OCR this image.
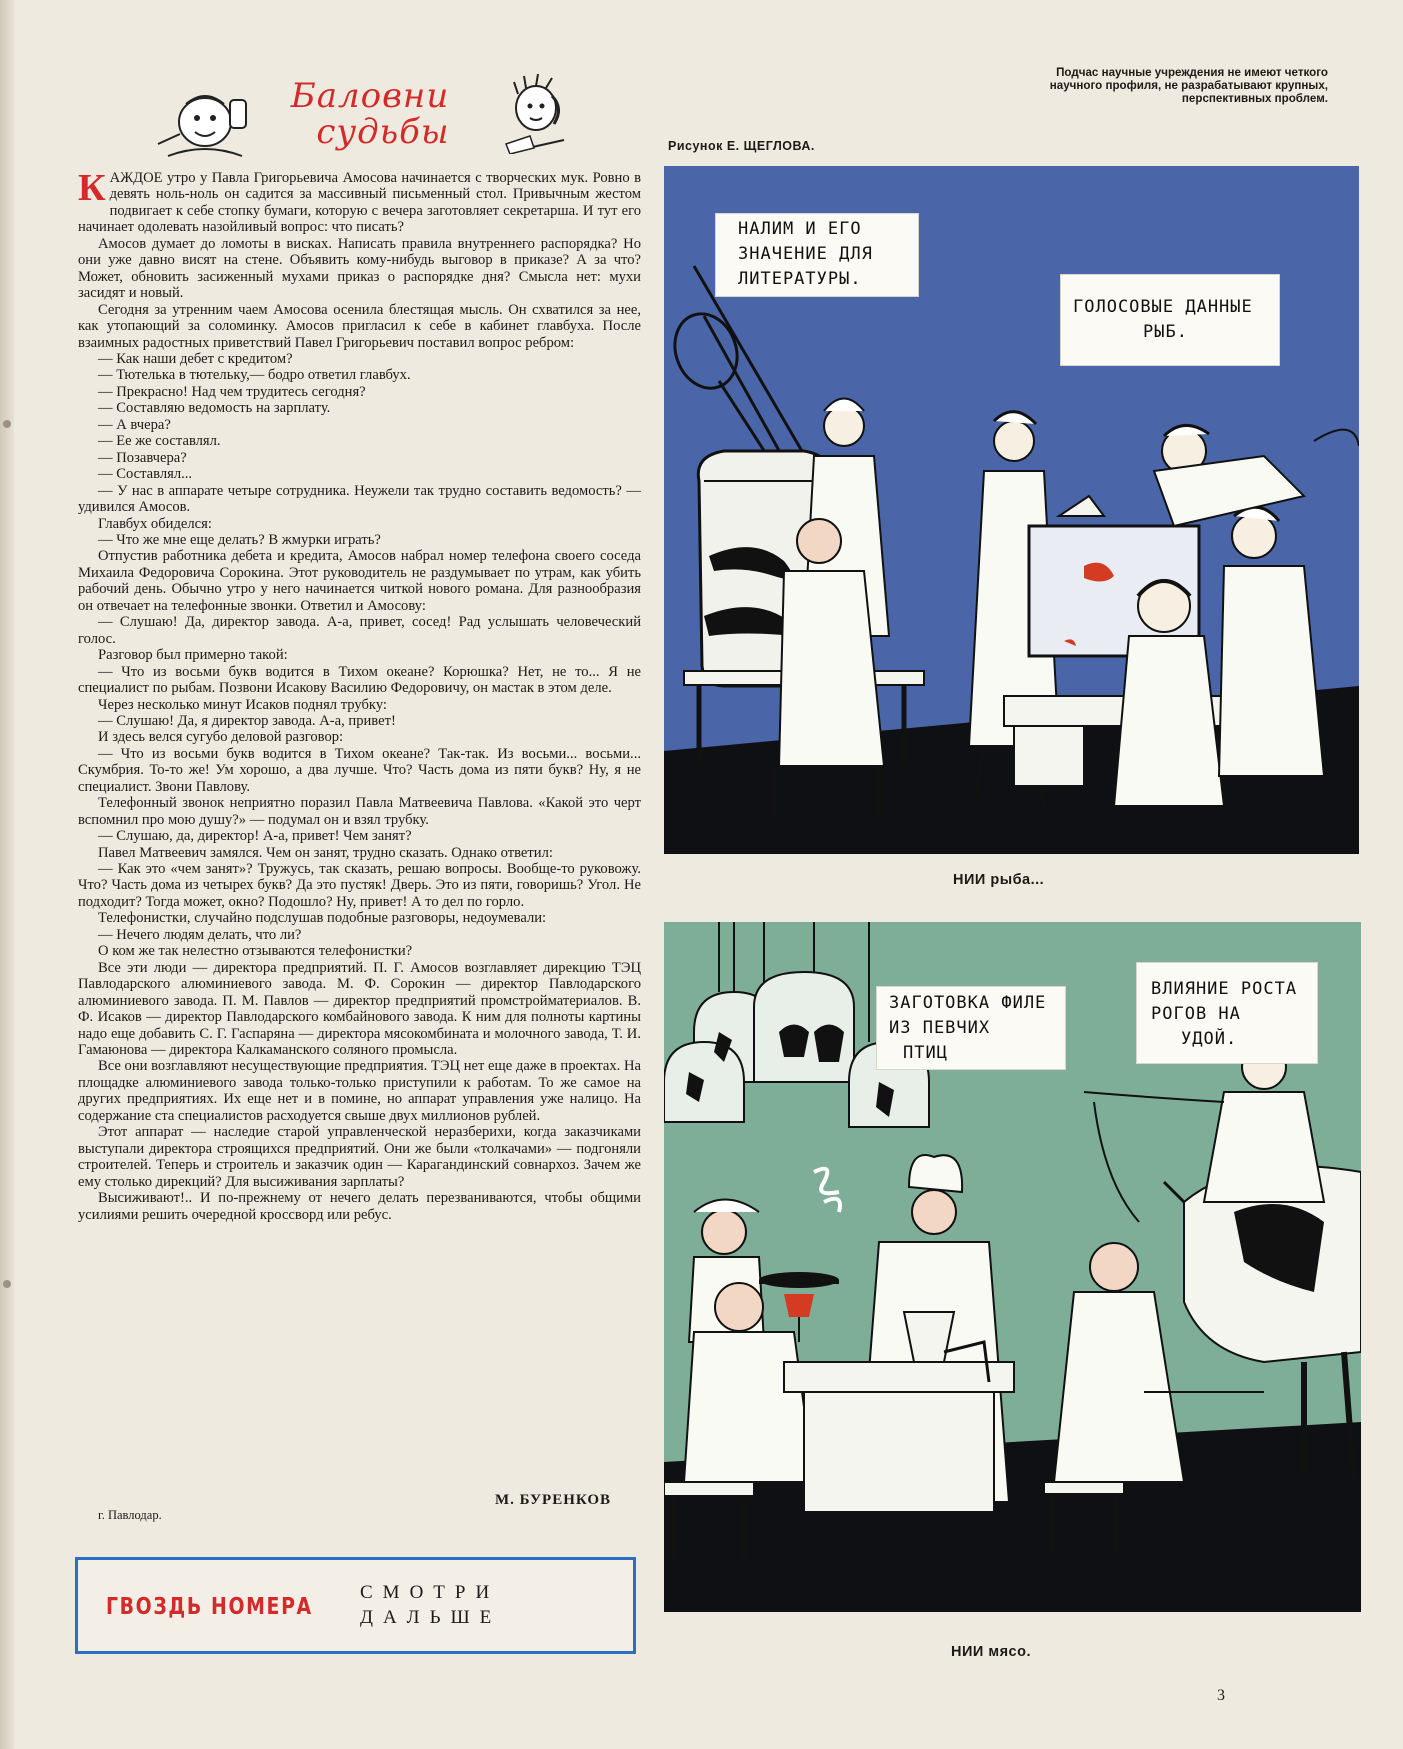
Баловни
судьбы
К АЖДОЕ утро у Павла Григорьевича Амосова начинается с творческих мук. Ровно в девять ноль-ноль он садится за массивный письменный стол. Привычным жестом подвигает к себе стопку бумаги, которую с вечера заготовляет секретарша. И тут его начинает одолевать назойливый вопрос: что писать?

Амосов думает до ломоты в висках. Написать правила внутреннего распорядка? Но они уже давно висят на стене. Объявить кому-нибудь выговор в приказе? А за что? Может, обновить засиженный мухами приказ о распорядке дня? Смысла нет: мухи засидят и новый.

Сегодня за утренним чаем Амосова осенила блестящая мысль. Он схватился за нее, как утопающий за соломинку. Амосов пригласил к себе в кабинет главбуха. После взаимных радостных приветствий Павел Григорьевич поставил вопрос ребром:

— Как наши дебет с кредитом?

— Тютелька в тютельку,— бодро ответил главбух.

— Прекрасно! Над чем трудитесь сегодня?

— Составляю ведомость на зарплату.

— А вчера?

— Ее же составлял.

— Позавчера?

— Составлял...

— У нас в аппарате четыре сотрудника. Неужели так трудно составить ведомость? — удивился Амосов.

Главбух обиделся:

— Что же мне еще делать? В жмурки играть?

Отпустив работника дебета и кредита, Амосов набрал номер телефона своего соседа Михаила Федоровича Сорокина. Этот руководитель не раздумывает по утрам, как убить рабочий день. Обычно утро у него начинается читкой нового романа. Для разнообразия он отвечает на телефонные звонки. Ответил и Амосову:

— Слушаю! Да, директор завода. А-а, привет, сосед! Рад услышать человеческий голос.

Разговор был примерно такой:

— Что из восьми букв водится в Тихом океане? Корюшка? Нет, не то... Я не специалист по рыбам. Позвони Исакову Василию Федоровичу, он мастак в этом деле.

Через несколько минут Исаков поднял трубку:

— Слушаю! Да, я директор завода. А-а, привет!

И здесь велся сугубо деловой разговор:

— Что из восьми букв водится в Тихом океане? Так-так. Из восьми... восьми... Скумбрия. То-то же! Ум хорошо, а два лучше. Что? Часть дома из пяти букв? Ну, я не специалист. Звони Павлову.

Телефонный звонок неприятно поразил Павла Матвеевича Павлова. «Какой это черт вспомнил про мою душу?» — подумал он и взял трубку.

— Слушаю, да, директор! А-а, привет! Чем занят?

Павел Матвеевич замялся. Чем он занят, трудно сказать. Однако ответил:

— Как это «чем занят»? Тружусь, так сказать, решаю вопросы. Вообще-то руковожу. Что? Часть дома из четырех букв? Да это пустяк! Дверь. Это из пяти, говоришь? Угол. Не подходит? Тогда может, окно? Подошло? Ну, привет! А то дел по горло.

Телефонистки, случайно подслушав подобные разговоры, недоумевали:

— Нечего людям делать, что ли?

О ком же так нелестно отзываются телефонистки?

Все эти люди — директора предприятий. П. Г. Амосов возглавляет дирекцию ТЭЦ Павлодарского алюминиевого завода. М. Ф. Сорокин — директор Павлодарского алюминиевого завода. П. М. Павлов — директор предприятий промстройматериалов. В. Ф. Исаков — директор Павлодарского комбайнового завода. К ним для полноты картины надо еще добавить С. Г. Гаспаряна — директора мясокомбината и молочного завода, Т. И. Гамаюнова — директора Калкаманского соляного промысла.

Все они возглавляют несуществующие предприятия. ТЭЦ нет еще даже в проектах. На площадке алюминиевого завода только-только приступили к работам. То же самое на других предприятиях. Их еще нет и в помине, но аппарат управления уже налицо. На содержание ста специалистов расходуется свыше двух миллионов рублей.

Этот аппарат — наследие старой управленческой неразберихи, когда заказчиками выступали директора строящихся предприятий. Они же были «толкачами» — подгоняли строителей. Теперь и строитель и заказчик один — Карагандинский совнархоз. Зачем же ему столько дирекций? Для высиживания зарплаты?

Высиживают!.. И по-прежнему от нечего делать перезваниваются, чтобы общими усилиями решить очередной кроссворд или ребус.

М. БУРЕНКОВ
г. Павлодар.
ГВОЗДЬ НОМЕРА
СМОТРИ
ДАЛЬШЕ
Подчас научные учреждения не имеют четкого научного профиля, не разрабатывают крупных, перспективных проблем.
Рисунок Е. ЩЕГЛОВА.
НАЛИМ И ЕГО
ЗНАЧЕНИЕ ДЛЯ
ЛИТЕРАТУРЫ.
ГОЛОСОВЫЕ ДАННЫЕ
РЫБ.
НИИ рыба...
ЗАГОТОВКА ФИЛЕ
ИЗ ПЕВЧИХ
ПТИЦ
ВЛИЯНИЕ РОСТА
РОГОВ НА
УДОЙ.
НИИ мясо.
3
